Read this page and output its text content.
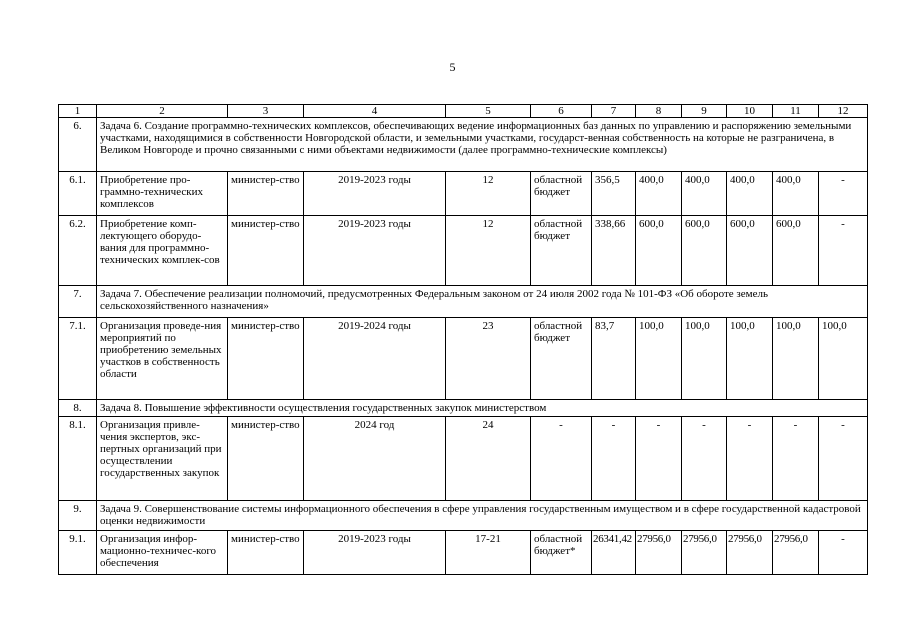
5
1	2	3	4	5	6	7	8	9	10	11	12
6.	Задача 6. Создание программно-технических комплексов, обеспечивающих ведение информационных баз данных по управлению и распоряжению земельными участками, находящимися в собственности Новгородской области, и земельными участками, государст-венная собственность на которые не разграничена, в Великом Новгороде и прочно связанными с ними объектами недвижимости (далее программно-технические комплексы)										
6.1.	Приобретение про-граммно-технических комплексов	министер-ство	2019-2023 годы	12	областной бюджет	356,5	400,0	400,0	400,0	400,0	-
6.2.	Приобретение комп-лектующего оборудо-вания для программно-технических комплек-сов	министер-ство	2019-2023 годы	12	областной бюджет	338,66	600,0	600,0	600,0	600,0	-
7.	Задача 7. Обеспечение реализации полномочий, предусмотренных Федеральным законом от 24 июля 2002 года № 101-ФЗ «Об обороте земель сельскохозяйственного назначения»										
7.1.	Организация проведе-ния мероприятий по приобретению земельных участков в собственность области	министер-ство	2019-2024 годы	23	областной бюджет	83,7	100,0	100,0	100,0	100,0	100,0
8.	Задача 8. Повышение эффективности осуществления государственных закупок министерством										
8.1.	Организация привле-чения экспертов, экс-пертных организаций при осуществлении государственных закупок	министер-ство	2024 год	24	-	-	-	-	-	-	-
9.	Задача 9. Совершенствование системы информационного обеспечения в сфере управления государственным имуществом и в сфере государственной кадастровой оценки недвижимости										
9.1.	Организация инфор-мационно-техничес-кого обеспечения	министер-ство	2019-2023 годы	17-21	областной бюджет*	26341,42	27956,0	27956,0	27956,0	27956,0	-
